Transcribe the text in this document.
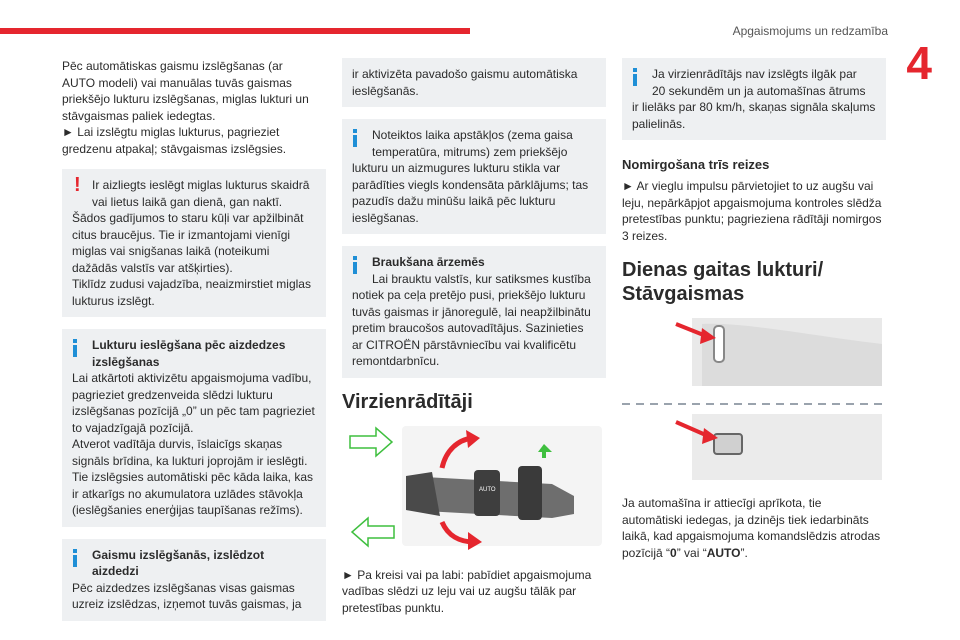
Apgaismojums un redzamība
4
Pēc automātiskas gaismu izslēgšanas (ar
AUTO modeli) vai manuālas tuvās gaismas
priekšējo lukturu izslēgšanas, miglas lukturi un
stāvgaismas paliek iedegtas.
► Lai izslēgtu miglas lukturus, pagrieziet
gredzenu atpakaļ; stāvgaismas izslēgsies.
! Ir aizliegts ieslēgt miglas lukturus skaidrā
vai lietus laikā gan dienā, gan naktī.
Šādos gadījumos to staru kūļi var apžilbināt
citus braucējus. Tie ir izmantojami vienīgi
miglas vai snigšanas laikā (noteikumi
dažādās valstīs var atšķirties).
Tiklīdz zudusi vajadzība, neaizmirstiet miglas
lukturus izslēgt.
Lukturu ieslēgšana pēc aizdedzes
izslēgšanas
Lai atkārtoti aktivizētu apgaismojuma vadību,
pagrieziet gredzenveida slēdzi lukturu
izslēgšanas pozīcijā „0” un pēc tam pagrieziet
to vajadzīgajā pozīcijā.
Atverot vadītāja durvis, īslaicīgs skaņas
signāls brīdina, ka lukturi joprojām ir ieslēgti.
Tie izslēgsies automātiski pēc kāda laika, kas
ir atkarīgs no akumulatora uzlādes stāvokļa
(ieslēgšanies enerģijas taupīšanas režīms).
Gaismu izslēgšanās, izslēdzot
aizdedzi
Pēc aizdedzes izslēgšanas visas gaismas
uzreiz izslēdzas, izņemot tuvās gaismas, ja
ir aktivizēta pavadošo gaismu automātiska
ieslēgšanās.
Noteiktos laika apstākļos (zema gaisa
temperatūra, mitrums) zem priekšējo
lukturu un aizmugures lukturu stikla var
parādīties viegls kondensāta pārklājums; tas
pazudīs dažu minūšu laikā pēc lukturu
ieslēgšanas.
Braukšana ārzemēs
Lai brauktu valstīs, kur satiksmes kustība
notiek pa ceļa pretējo pusi, priekšējo lukturu
tuvās gaismas ir jānoregulē, lai neapžilbinātu
pretim braucošos autovadītājus. Sazinieties
ar CITROËN pārstāvniecību vai kvalificētu
remontdarbnīcu.
Virzienrādītāji
AUTO
► Pa kreisi vai pa labi: pabīdiet apgaismojuma
vadības slēdzi uz leju vai uz augšu tālāk par
pretestības punktu.
Ja virzienrādītājs nav izslēgts ilgāk par
20 sekundēm un ja automašīnas ātrums
ir lielāks par 80 km/h, skaņas signāla skaļums
palielinās.
Nomirgošana trīs reizes
► Ar vieglu impulsu pārvietojiet to uz augšu vai
leju, nepārkāpjot apgaismojuma kontroles slēdža
pretestības punktu; pagrieziena rādītāji nomirgos
3 reizes.
Dienas gaitas lukturi/
Stāvgaismas
Ja automašīna ir attiecīgi aprīkota, tie
automātiski iedegas, ja dzinējs tiek iedarbināts
laikā, kad apgaismojuma komandslēdzis atrodas
pozīcijā “0” vai “AUTO”.
